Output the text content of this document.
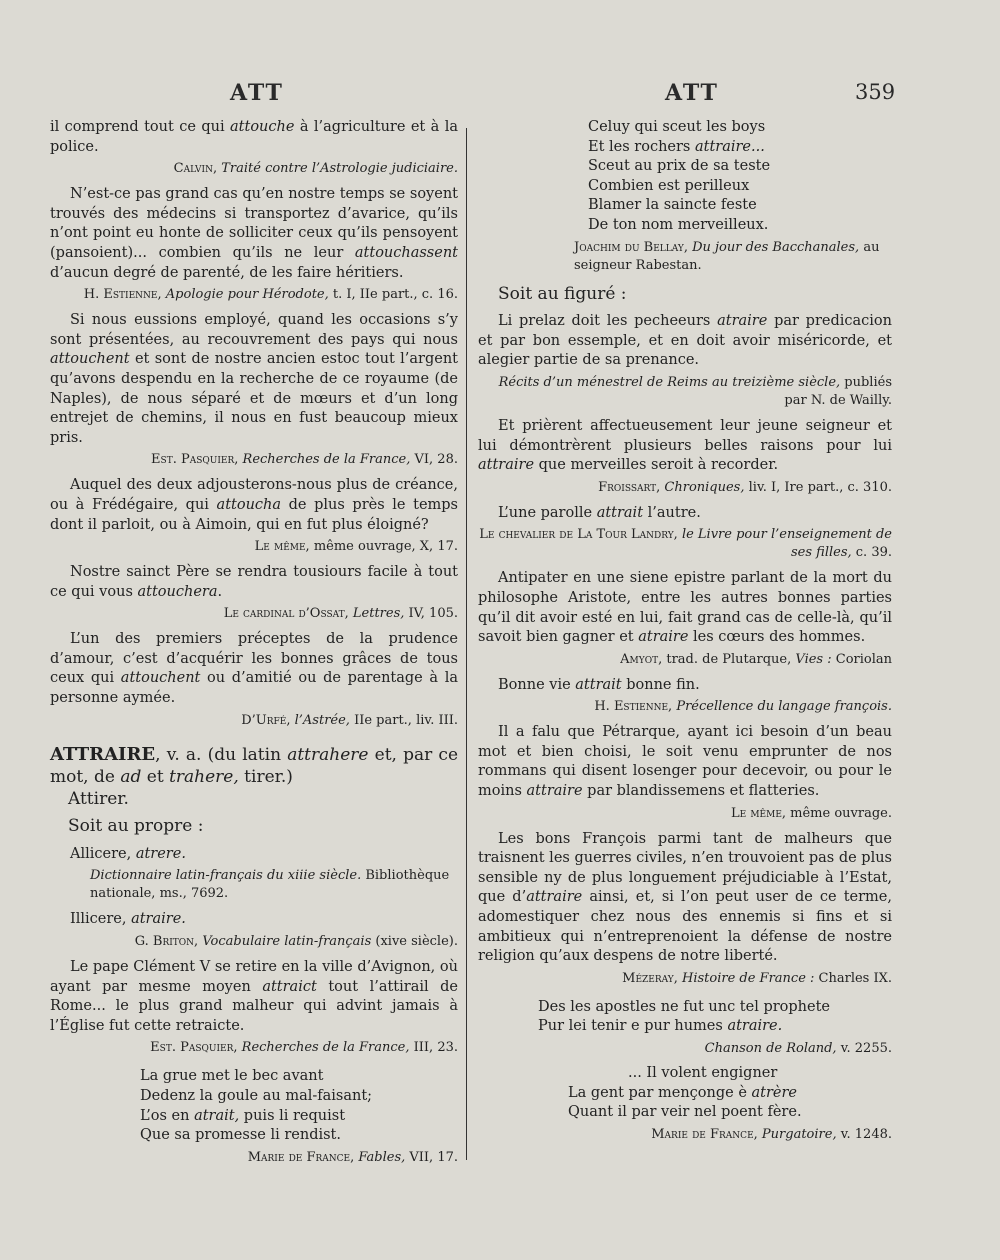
ATT	ATT	359

il comprend tout ce qui attouche à l’agriculture et à la police.

Calvin, Traité contre l’Astrologie judiciaire.

N’est-ce pas grand cas qu’en nostre temps se soyent trouvés des médecins si transportez d’avarice, qu’ils n’ont point eu honte de solliciter ceux qu’ils pensoyent (pansoient)... combien qu’ils ne leur attouchassent d’aucun degré de parenté, de les faire héritiers.

H. Estienne, Apologie pour Hérodote, t. I, IIe part., c. 16.

Si nous eussions employé, quand les occasions s’y sont présentées, au recouvrement des pays qui nous attouchent et sont de nostre ancien estoc tout l’argent qu’avons despendu en la recherche de ce royaume (de Naples), de nous séparé et de mœurs et d’un long entrejet de chemins, il nous en fust beaucoup mieux pris.

Est. Pasquier, Recherches de la France, VI, 28.

Auquel des deux adjousterons-nous plus de créance, ou à Frédégaire, qui attoucha de plus près le temps dont il parloit, ou à Aimoin, qui en fut plus éloigné?

Le même, même ouvrage, X, 17.

Nostre sainct Père se rendra tousiours facile à tout ce qui vous attouchera.

Le cardinal d’Ossat, Lettres, IV, 105.

L’un des premiers préceptes de la prudence d’amour, c’est d’acquérir les bonnes grâces de tous ceux qui attouchent ou d’amitié ou de parentage à la personne aymée.

D’Urfé, l’Astrée, IIe part., liv. III.

ATTRAIRE, v. a. (du latin attrahere et, par ce mot, de ad et trahere, tirer.)

Attirer.

Soit au propre :

Allicere, atrere.

Dictionnaire latin-français du xiiie siècle. Bibliothèque nationale, ms., 7692.

Illicere, atraire.

G. Briton, Vocabulaire latin-français (xive siècle).

Le pape Clément V se retire en la ville d’Avignon, où ayant par mesme moyen attraict tout l’attirail de Rome... le plus grand malheur qui advint jamais à l’Église fut cette retraicte.

Est. Pasquier, Recherches de la France, III, 23.

La grue met le bec avant

Dedenz la goule au mal-faisant;

L’os en atrait, puis li requist

Que sa promesse li rendist.

Marie de France, Fables, VII, 17.

Celuy qui sceut les boys

Et les rochers attraire...

Sceut au prix de sa teste

Combien est perilleux

Blamer la saincte feste

De ton nom merveilleux.

Joachim du Bellay, Du jour des Bacchanales, au seigneur Rabestan.

Soit au figuré :

Li prelaz doit les pecheeurs atraire par predicacion et par bon essemple, et en doit avoir miséricorde, et alegier partie de sa prenance.

Récits d’un ménestrel de Reims au treizième siècle, publiés par N. de Wailly.

Et prièrent affectueusement leur jeune seigneur et lui démontrèrent plusieurs belles raisons pour lui attraire que merveilles seroit à recorder.

Froissart, Chroniques, liv. I, Ire part., c. 310.

L’une parolle attrait l’autre.

Le chevalier de La Tour Landry, le Livre pour l’enseignement de ses filles, c. 39.

Antipater en une siene epistre parlant de la mort du philosophe Aristote, entre les autres bonnes parties qu’il dit avoir esté en lui, fait grand cas de celle-là, qu’il savoit bien gagner et atraire les cœurs des hommes.

Amyot, trad. de Plutarque, Vies : Coriolan

Bonne vie attrait bonne fin.

H. Estienne, Précellence du langage françois.

Il a falu que Pétrarque, ayant ici besoin d’un beau mot et bien choisi, le soit venu emprunter de nos rommans qui disent losenger pour decevoir, ou pour le moins attraire par blandissemens et flatteries.

Le même, même ouvrage.

Les bons François parmi tant de malheurs que traisnent les guerres civiles, n’en trouvoient pas de plus sensible ny de plus longuement préjudiciable à l’Estat, que d’attraire ainsi, et, si l’on peut user de ce terme, adomestiquer chez nous des ennemis si fins et si ambitieux qui n’entreprenoient la défense de nostre religion qu’aux despens de notre liberté.

Mézeray, Histoire de France : Charles IX.

Des les apostles ne fut unc tel prophete

Pur lei tenir e pur humes atraire.

Chanson de Roland, v. 2255.

... Il volent engigner

La gent par mençonge è atrère

Quant il par veir nel poent fère.

Marie de France, Purgatoire, v. 1248.
